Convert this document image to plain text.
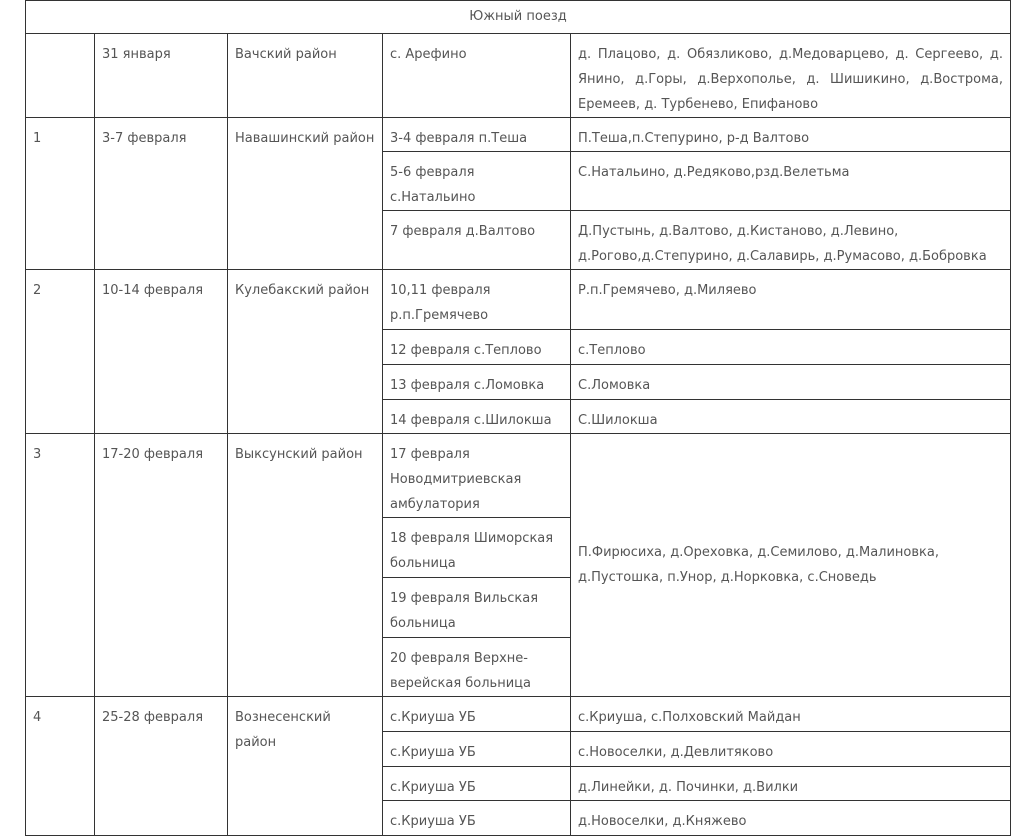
Южный поезд				
	31 января	Вачский район	с. Арефино	д. Плацово, д. Обязликово, д.Медоварцево, д. Сергеево, д. Янино, д.Горы, д.Верхополье, д. Шишикино, д.Вострома, Еремеев, д. Турбенево, Епифаново
1	3-7 февраля	Навашинский район	3-4 февраля п.Теша	П.Теша,п.Степурино, р-д Валтово
			5-6 февраля с.Натальино	С.Натальино, д.Редяково,рзд.Велетьма
			7 февраля д.Валтово	Д.Пустынь, д.Валтово, д.Кистаново, д.Левино, д.Рогово,д.Степурино, д.Салавирь, д.Румасово, д.Бобровка
2	10-14 февраля	Кулебакский район	10,11 февраля р.п.Гремячево	Р.п.Гремячево, д.Миляево
			12 февраля с.Теплово	с.Теплово
			13 февраля с.Ломовка	С.Ломовка
			14 февраля с.Шилокша	С.Шилокша
3	17-20 февраля	Выксунский район	17 февраля Новодмитриевская амбулатория	П.Фирюсиха, д.Ореховка, д.Семилово, д.Малиновка, д.Пустошка, п.Унор, д.Норковка, с.Сноведь
			18 февраля Шиморская больница	
			19 февраля Вильская больница	
			20 февраля Верхне-верейская больница	
4	25-28 февраля	Вознесенский район	с.Криуша УБ	с.Криуша, с.Полховский Майдан
			с.Криуша УБ	с.Новоселки, д.Девлитяково
			с.Криуша УБ	д.Линейки, д. Починки, д.Вилки
			с.Криуша УБ	д.Новоселки, д.Княжево
